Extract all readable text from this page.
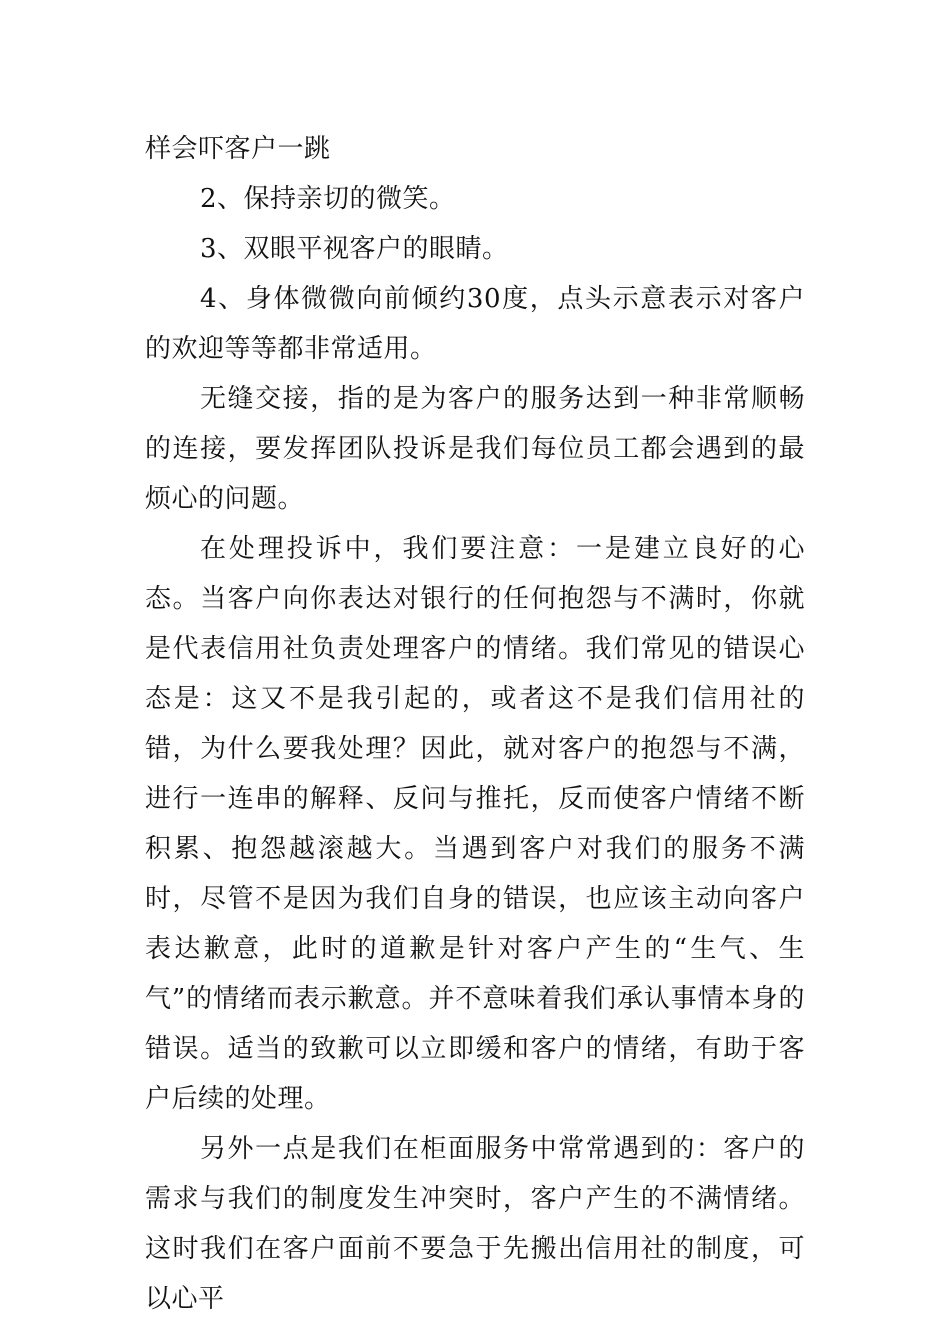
样会吓客户一跳

2、保持亲切的微笑。

3、双眼平视客户的眼睛。

4、身体微微向前倾约30度，点头示意表示对客户的欢迎等等都非常适用。

无缝交接，指的是为客户的服务达到一种非常顺畅的连接，要发挥团队投诉是我们每位员工都会遇到的最烦心的问题。

在处理投诉中，我们要注意：一是建立良好的心态。当客户向你表达对银行的任何抱怨与不满时，你就是代表信用社负责处理客户的情绪。我们常见的错误心态是：这又不是我引起的，或者这不是我们信用社的错，为什么要我处理？因此，就对客户的抱怨与不满，进行一连串的解释、反问与推托，反而使客户情绪不断积累、抱怨越滚越大。当遇到客户对我们的服务不满时，尽管不是因为我们自身的错误，也应该主动向客户表达歉意，此时的道歉是针对客户产生的“生气、生气”的情绪而表示歉意。并不意味着我们承认事情本身的错误。适当的致歉可以立即缓和客户的情绪，有助于客户后续的处理。

另外一点是我们在柜面服务中常常遇到的：客户的需求与我们的制度发生冲突时，客户产生的不满情绪。这时我们在客户面前不要急于先搬出信用社的制度，可以心平
